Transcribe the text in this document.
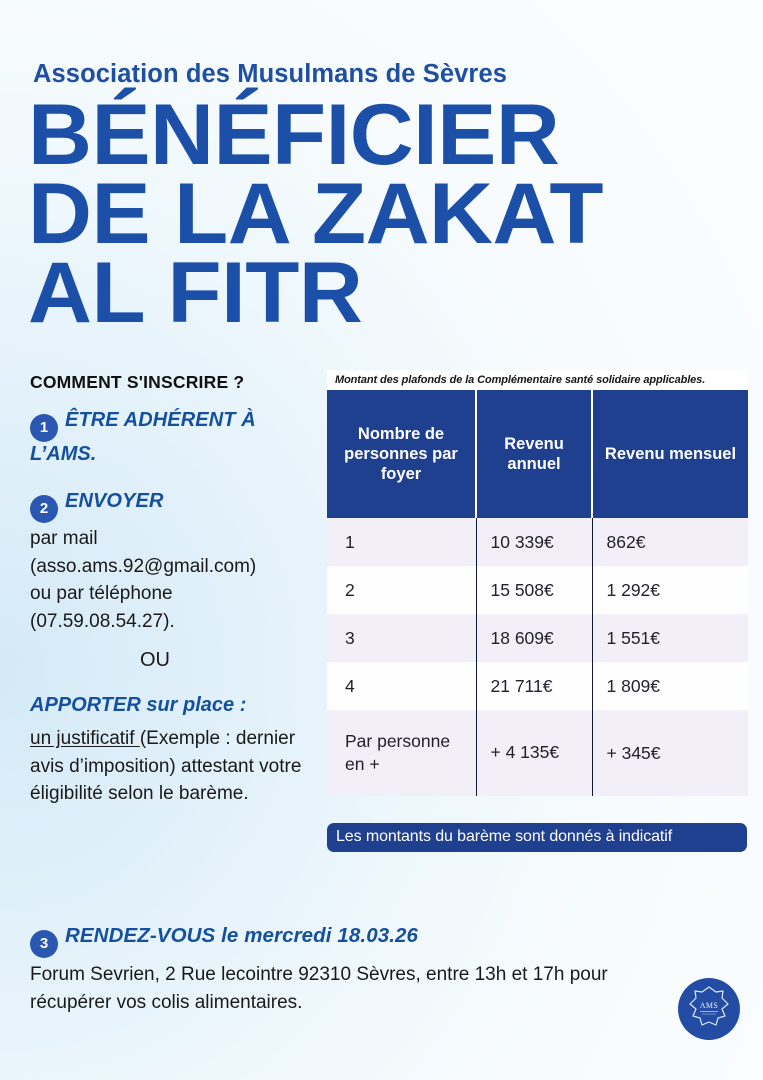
Association des Musulmans de Sèvres
BÉNÉFICIER
DE LA ZAKAT
AL FITR

COMMENT S'INSCRIRE ?

1 ÊTRE ADHÉRENT À
L’AMS.
2 ENVOYER

par mail
(asso.ams.92@gmail.com)
ou par téléphone
(07.59.08.54.27).

OU

APPORTER sur place :

un justificatif (Exemple : dernier avis d’imposition) attestant votre éligibilité selon le barème.

Montant des plafonds de la Complémentaire santé solidaire applicables.
Nombre de personnes par foyer	Revenu annuel	Revenu mensuel
1	10 339€	862€
2	15 508€	1 292€
3	18 609€	1 551€
4	21 711€	1 809€
Par personne en +	+ 4 135€	+ 345€
Les montants du barème sont donnés à indicatif
3 RENDEZ-VOUS le mercredi 18.03.26

Forum Sevrien, 2 Rue lecointre 92310 Sèvres, entre 13h et 17h pour récupérer vos colis alimentaires.	AMS
